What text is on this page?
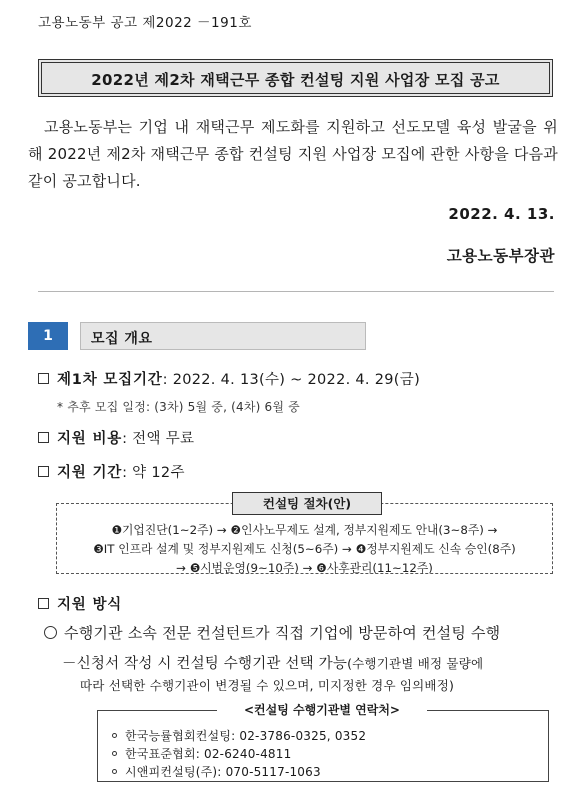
고용노동부 공고 제2022 －191호
2022년 제2차 재택근무 종합 컨설팅 지원 사업장 모집 공고
고용노동부는 기업 내 재택근무 제도화를 지원하고 선도모델 육성 발굴을 위해 2022년 제2차 재택근무 종합 컨설팅 지원 사업장 모집에 관한 사항을 다음과 같이 공고합니다.
2022. 4. 13.
고용노동부장관
1	모집 개요
제1차 모집기간: 2022. 4. 13(수) ~ 2022. 4. 29(금)
* 추후 모집 일정: (3차) 5월 중, (4차) 6월 중
지원 비용: 전액 무료
지원 기간: 약 12주
❶기업진단(1~2주) → ❷인사노무제도 설계, 정부지원제도 안내(3~8주) →
❸IT 인프라 설계 및 정부지원제도 신청(5~6주) → ❹정부지원제도 신속 승인(8주)
→ ❺시범운영(9~10주) → ❻사후관리(11~12주)
컨설팅 절차(안)
지원 방식
수행기관 소속 전문 컨설턴트가 직접 기업에 방문하여 컨설팅 수행
－신청서 작성 시 컨설팅 수행기관 선택 가능(수행기관별 배정 물량에
따라 선택한 수행기관이 변경될 수 있으며, 미지정한 경우 임의배정)
<컨설팅 수행기관별 연락처>
한국능률협회컨설팅: 02-3786-0325, 0352
한국표준협회: 02-6240-4811
시앤피컨설팅(주): 070-5117-1063
